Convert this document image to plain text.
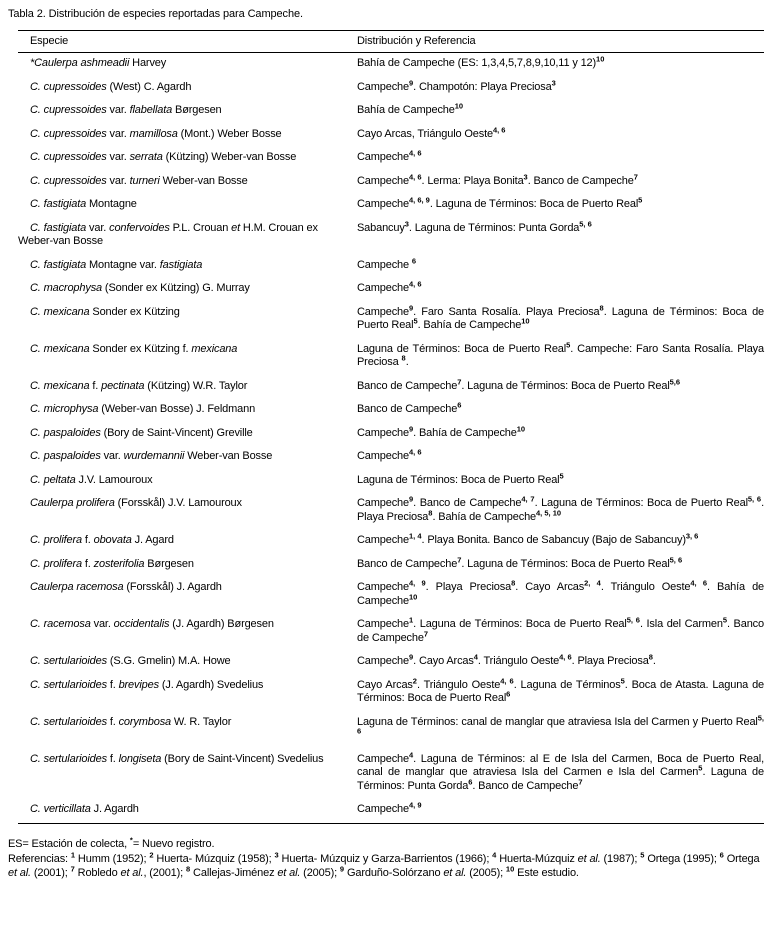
Tabla 2. Distribución de especies reportadas para Campeche.
Especie	Distribución y Referencia
*Caulerpa ashmeadii Harvey	Bahía de Campeche (ES: 1,3,4,5,7,8,9,10,11 y 12)$^{10}$
C. cupressoides (West) C. Agardh	Campeche$^9$. Champotón: Playa Preciosa$^3$
C. cupressoides var. flabellata Børgesen	Bahía de Campeche$^{10}$
C. cupressoides var. mamillosa (Mont.) Weber Bosse	Cayo Arcas, Triángulo Oeste$^{4, 6}$
C. cupressoides var. serrata (Kützing) Weber-van Bosse	Campeche$^{4, 6}$
C. cupressoides var. turneri Weber-van Bosse	Campeche$^{4, 6}$. Lerma: Playa Bonita$^3$. Banco de Campeche$^7$
C. fastigiata Montagne	Campeche$^{4, 6, 9}$. Laguna de Términos: Boca de Puerto Real$^5$
C. fastigiata var. confervoides P.L. Crouan et H.M. Crouan ex Weber-van Bosse	Sabancuy$^3$. Laguna de Términos: Punta Gorda$^{5, 6}$
C. fastigiata Montagne var. fastigiata	Campeche $^6$
C. macrophysa (Sonder ex Kützing) G. Murray	Campeche$^{4, 6}$
C. mexicana Sonder ex Kützing	Campeche$^9$. Faro Santa Rosalía. Playa Preciosa$^8$. Laguna de Términos: Boca de Puerto Real$^5$. Bahía de Campeche$^{10}$
C. mexicana Sonder ex Kützing f. mexicana	Laguna de Términos: Boca de Puerto Real$^5$. Campeche: Faro Santa Rosalía. Playa Preciosa $^8$.
C. mexicana f. pectinata (Kützing) W.R. Taylor	Banco de Campeche$^7$. Laguna de Términos: Boca de Puerto Real$^{5,6}$
C. microphysa (Weber-van Bosse) J. Feldmann	Banco de Campeche$^6$
C. paspaloides (Bory de Saint-Vincent) Greville	Campeche$^9$. Bahía de Campeche$^{10}$
C. paspaloides var. wurdemannii Weber-van Bosse	Campeche$^{4, 6}$
C. peltata J.V. Lamouroux	Laguna de Términos: Boca de Puerto Real$^5$
Caulerpa prolifera (Forsskål) J.V. Lamouroux	Campeche$^9$. Banco de Campeche$^{4, 7}$. Laguna de Términos: Boca de Puerto Real$^{5, 6}$. Playa Preciosa$^8$. Bahía de Campeche$^{4, 5, 10}$
C. prolifera f. obovata J. Agard	Campeche$^{1, 4}$. Playa Bonita. Banco de Sabancuy (Bajo de Sabancuy)$^{3, 6}$
C. prolifera f. zosterifolia Børgesen	Banco de Campeche$^7$. Laguna de Términos: Boca de Puerto Real$^{5, 6}$
Caulerpa racemosa (Forsskål) J. Agardh	Campeche$^{4, 9}$. Playa Preciosa$^8$. Cayo Arcas$^{2, 4}$. Triángulo Oeste$^{4, 6}$. Bahía de Campeche$^{10}$
C. racemosa var. occidentalis (J. Agardh) Børgesen	Campeche$^1$. Laguna de Términos: Boca de Puerto Real$^{5, 6}$. Isla del Carmen$^5$. Banco de Campeche$^7$
C. sertularioides (S.G. Gmelin) M.A. Howe	Campeche$^9$. Cayo Arcas$^4$. Triángulo Oeste$^{4, 6}$. Playa Preciosa$^8$.
C. sertularioides f. brevipes (J. Agardh) Svedelius	Cayo Arcas$^2$. Triángulo Oeste$^{4, 6}$. Laguna de Términos$^5$. Boca de Atasta. Laguna de Términos: Boca de Puerto Real$^6$
C. sertularioides f. corymbosa W. R. Taylor	Laguna de Términos: canal de manglar que atraviesa Isla del Carmen y Puerto Real$^{5, 6}$
C. sertularioides f. longiseta (Bory de Saint-Vincent) Svedelius	Campeche$^4$. Laguna de Términos: al E de Isla del Carmen, Boca de Puerto Real, canal de manglar que atraviesa Isla del Carmen e Isla del Carmen$^5$. Laguna de Términos: Punta Gorda$^6$. Banco de Campeche$^7$
C. verticillata J. Agardh	Campeche$^{4, 9}$

ES= Estación de colecta, *= Nuevo registro.

Referencias: $^1$ Humm (1952); $^2$ Huerta- Múzquiz (1958); $^3$ Huerta- Múzquiz y Garza-Barrientos (1966); $^4$ Huerta-Múzquiz et al. (1987); $^5$ Ortega (1995); $^6$ Ortega et al. (2001); $^7$ Robledo et al., (2001); $^8$ Callejas-Jiménez et al. (2005); $^9$ Garduño-Solórzano et al. (2005); $^{10}$ Este estudio.
